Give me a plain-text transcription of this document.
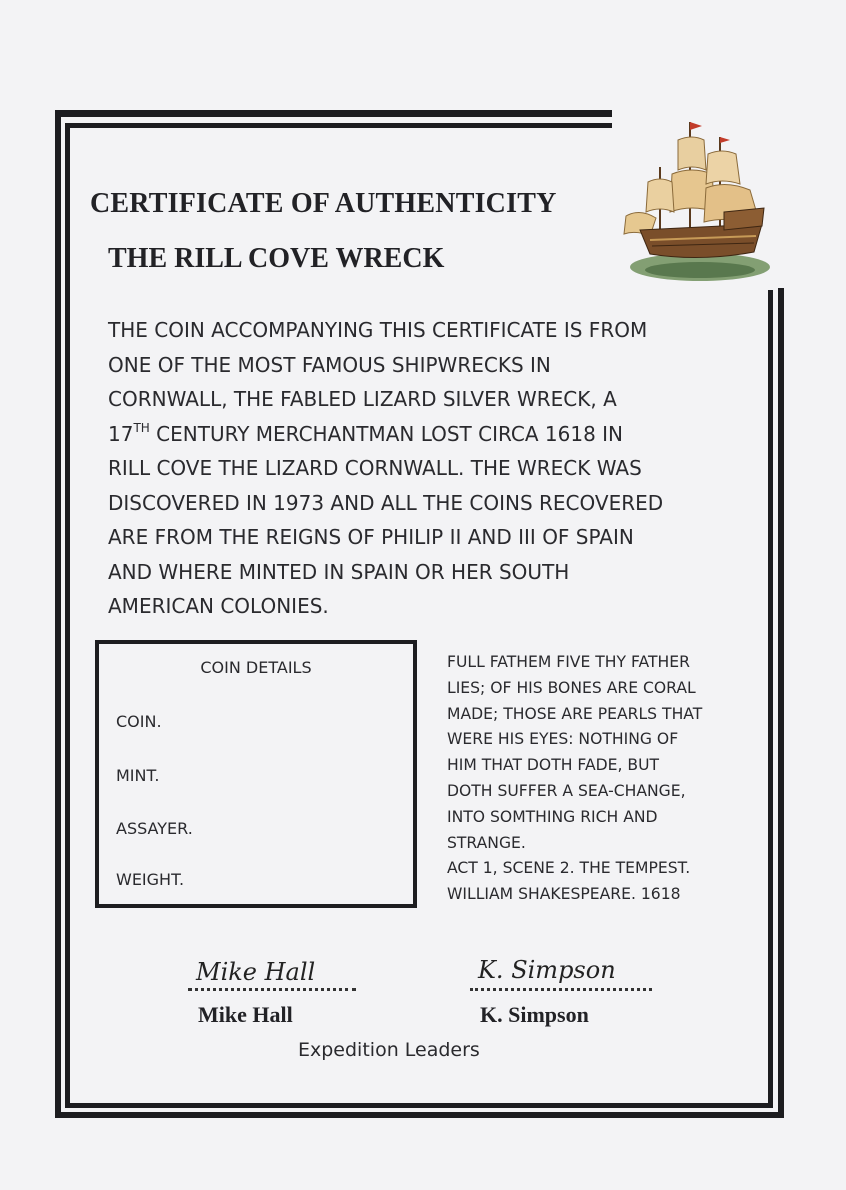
CERTIFICATE OF AUTHENTICITY
THE RILL COVE WRECK
THE COIN ACCOMPANYING THIS CERTIFICATE IS FROM
ONE OF THE MOST FAMOUS SHIPWRECKS IN
CORNWALL, THE FABLED LIZARD SILVER WRECK, A
17TH CENTURY MERCHANTMAN LOST CIRCA 1618 IN
RILL COVE THE LIZARD CORNWALL. THE WRECK WAS
DISCOVERED IN 1973 AND ALL THE COINS RECOVERED
ARE FROM THE REIGNS OF PHILIP II AND III OF SPAIN
AND WHERE MINTED IN SPAIN OR HER SOUTH
AMERICAN COLONIES.
COIN DETAILS
COIN.
MINT.
ASSAYER.
WEIGHT.
FULL FATHEM FIVE THY FATHER
LIES; OF HIS BONES ARE CORAL
MADE; THOSE ARE PEARLS THAT
WERE HIS EYES: NOTHING OF
HIM THAT DOTH FADE, BUT
DOTH SUFFER A SEA-CHANGE,
INTO SOMTHING RICH AND
STRANGE.
ACT 1, SCENE 2. THE TEMPEST.
WILLIAM SHAKESPEARE. 1618
Mike Hall
Mike Hall
K. Simpson
K. Simpson
Expedition Leaders
